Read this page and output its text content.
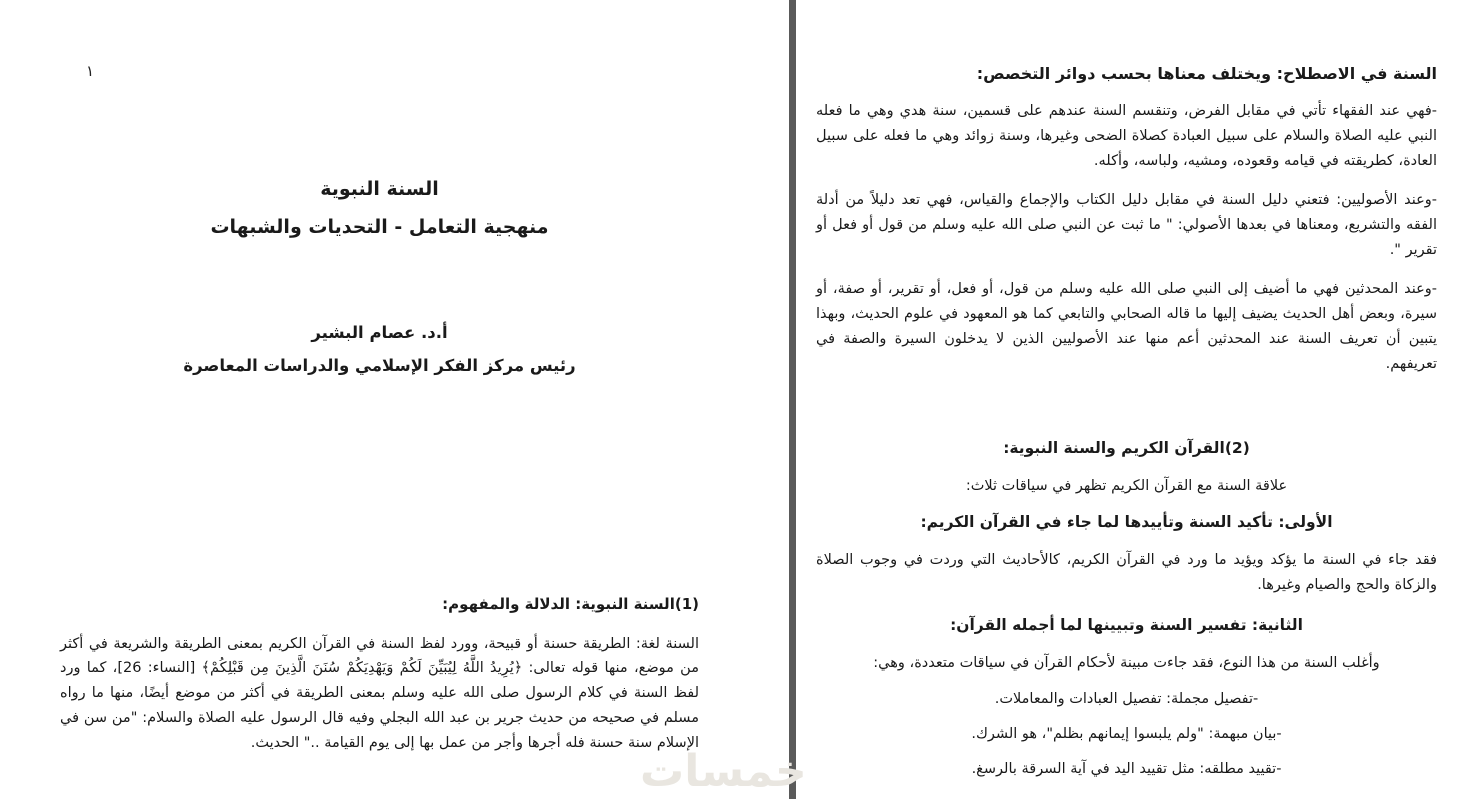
السنة في الاصطلاح: ويختلف معناها بحسب دوائر التخصص:

-فهي عند الفقهاء تأتي في مقابل الفرض، وتنقسم السنة عندهم على قسمين، سنة هدي وهي ما فعله النبي عليه الصلاة والسلام على سبيل العبادة كصلاة الضحى وغيرها، وسنة زوائد وهي ما فعله على سبيل العادة، كطريقته في قيامه وقعوده، ومشيه، ولباسه، وأكله.

-وعند الأصوليين: فتعني دليل السنة في مقابل دليل الكتاب والإجماع والقياس، فهي تعد دليلاً من أدلة الفقه والتشريع، ومعناها في بعدها الأصولي: " ما ثبت عن النبي صلى الله عليه وسلم من قول أو فعل أو تقرير ".

-وعند المحدثين فهي ما أضيف إلى النبي صلى الله عليه وسلم من قول، أو فعل، أو تقرير، أو صفة، أو سيرة، وبعض أهل الحديث يضيف إليها ما قاله الصحابي والتابعي كما هو المعهود في علوم الحديث، وبهذا يتبين أن تعريف السنة عند المحدثين أعم منها عند الأصوليين الذين لا يدخلون السيرة والصفة في تعريفهم.

(2)القرآن الكريم والسنة النبوية:

علاقة السنة مع القرآن الكريم تظهر في سياقات ثلاث:

الأولى: تأكيد السنة وتأييدها لما جاء في القرآن الكريم:

فقد جاء في السنة ما يؤكد ويؤيد ما ورد في القرآن الكريم، كالأحاديث التي وردت في وجوب الصلاة والزكاة والحج والصيام وغيرها.

الثانية: تفسير السنة وتبيينها لما أجمله القرآن:

وأغلب السنة من هذا النوع، فقد جاءت مبينة لأحكام القرآن في سياقات متعددة، وهي:

-تفصيل مجملة: تفصيل العبادات والمعاملات.

-بيان مبهمة: "ولم يلبسوا إيمانهم بظلم"، هو الشرك.

-تقييد مطلقه: مثل تقييد اليد في آية السرقة بالرسغ.

١

السنة النبوية

منهجية التعامل - التحديات والشبهات

أ.د. عصام البشير

رئيس مركز الفكر الإسلامي والدراسات المعاصرة

(1)السنة النبوية: الدلالة والمفهوم:

السنة لغة: الطريقة حسنة أو قبيحة، وورد لفظ السنة في القرآن الكريم بمعنى الطريقة والشريعة في أكثر من موضع، منها قوله تعالى: ﴿يُرِيدُ اللَّهُ لِيُبَيِّنَ لَكُمْ وَيَهْدِيَكُمْ سُنَنَ الَّذِينَ مِن قَبْلِكُمْ﴾ [النساء: 26]، كما ورد لفظ السنة في كلام الرسول صلى الله عليه وسلم بمعنى الطريقة في أكثر من موضع أيضًا، منها ما رواه مسلم في صحيحه من حديث جرير بن عبد الله البجلي وفيه قال الرسول عليه الصلاة والسلام: "من سن في الإسلام سنة حسنة فله أجرها وأجر من عمل بها إلى يوم القيامة .." الحديث.

خمسات
